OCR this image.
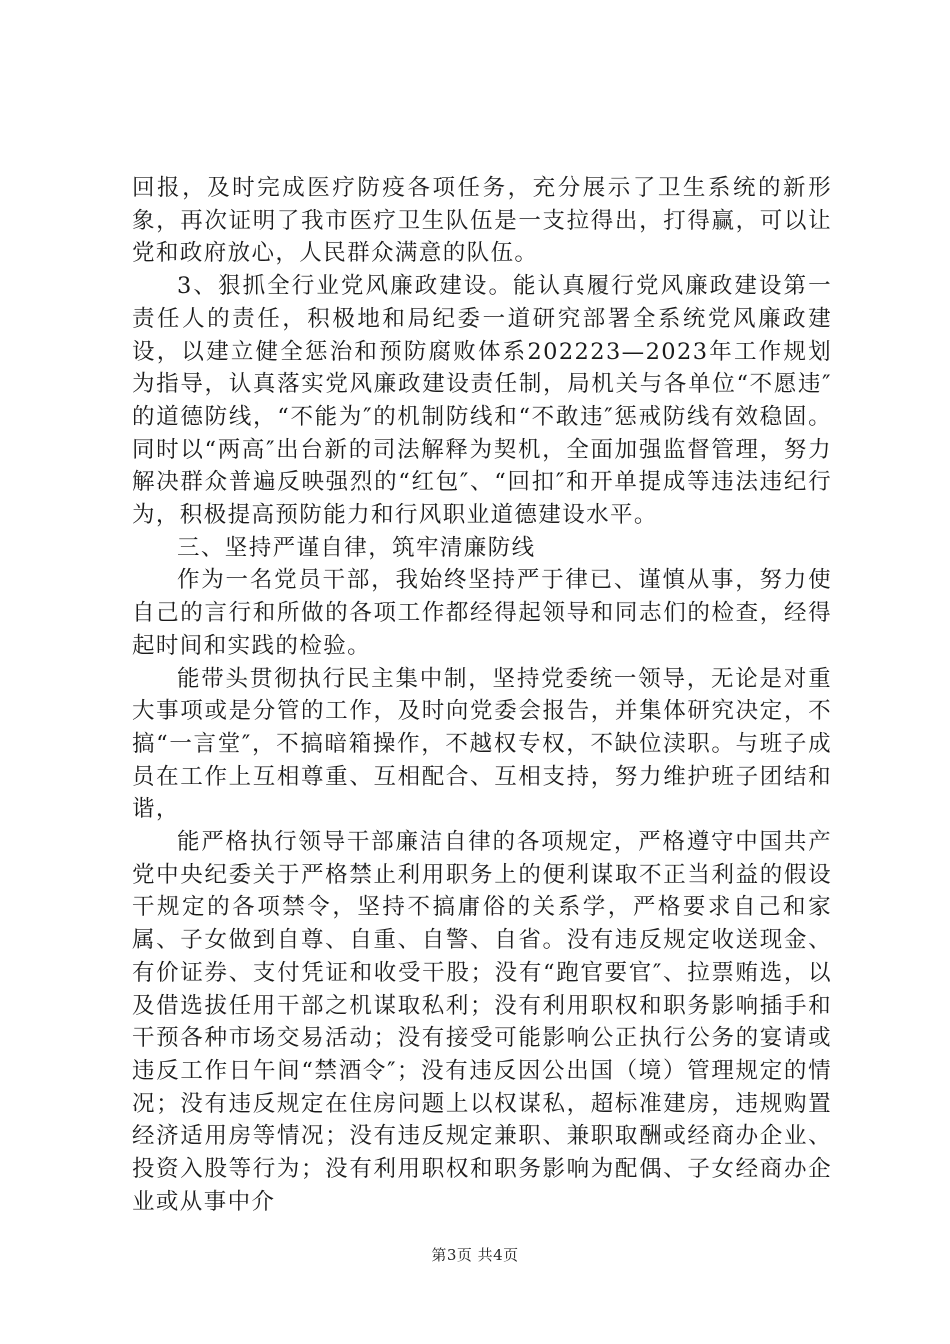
回报，及时完成医疗防疫各项任务，充分展示了卫生系统的新形象，再次证明了我市医疗卫生队伍是一支拉得出，打得赢，可以让党和政府放心，人民群众满意的队伍。

3、狠抓全行业党风廉政建设。能认真履行党风廉政建设第一责任人的责任，积极地和局纪委一道研究部署全系统党风廉政建设，以建立健全惩治和预防腐败体系202223—2023年工作规划为指导，认真落实党风廉政建设责任制，局机关与各单位“不愿违″的道德防线，“不能为″的机制防线和“不敢违″惩戒防线有效稳固。同时以“两高″出台新的司法解释为契机，全面加强监督管理，努力解决群众普遍反映强烈的“红包″、“回扣″和开单提成等违法违纪行为，积极提高预防能力和行风职业道德建设水平。

三、坚持严谨自律，筑牢清廉防线

作为一名党员干部，我始终坚持严于律已、谨慎从事，努力使自己的言行和所做的各项工作都经得起领导和同志们的检查，经得起时间和实践的检验。

能带头贯彻执行民主集中制，坚持党委统一领导，无论是对重大事项或是分管的工作，及时向党委会报告，并集体研究决定，不搞“一言堂″，不搞暗箱操作，不越权专权，不缺位渎职。与班子成员在工作上互相尊重、互相配合、互相支持，努力维护班子团结和谐，

能严格执行领导干部廉洁自律的各项规定，严格遵守中国共产党中央纪委关于严格禁止利用职务上的便利谋取不正当利益的假设干规定的各项禁令，坚持不搞庸俗的关系学，严格要求自己和家属、子女做到自尊、自重、自警、自省。没有违反规定收送现金、有价证券、支付凭证和收受干股；没有“跑官要官″、拉票贿选，以及借选拔任用干部之机谋取私利；没有利用职权和职务影响插手和干预各种市场交易活动；没有接受可能影响公正执行公务的宴请或违反工作日午间“禁酒令″；没有违反因公出国（境）管理规定的情况；没有违反规定在住房问题上以权谋私，超标准建房，违规购置经济适用房等情况；没有违反规定兼职、兼职取酬或经商办企业、投资入股等行为；没有利用职权和职务影响为配偶、子女经商办企业或从事中介

第3页 共4页
